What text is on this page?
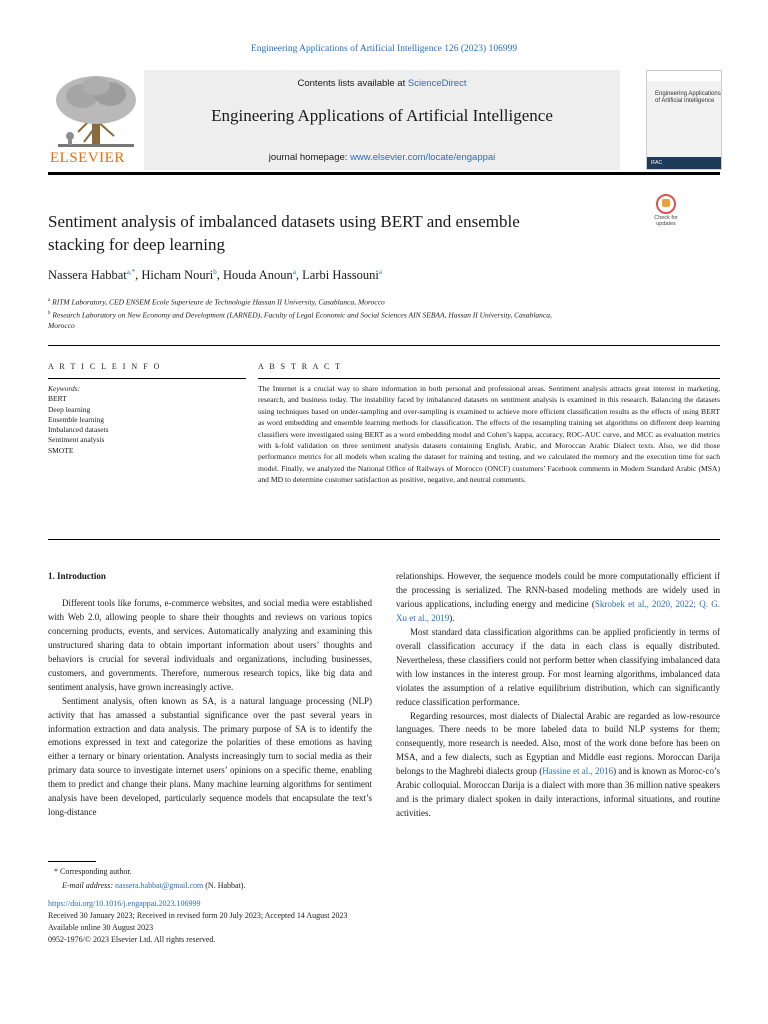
Engineering Applications of Artificial Intelligence 126 (2023) 106999
ELSEVIER
Contents lists available at ScienceDirect
Engineering Applications of Artificial Intelligence
journal homepage: www.elsevier.com/locate/engappai
Engineering Applications of Artificial Intelligence
IFAC
Sentiment analysis of imbalanced datasets using BERT and ensemble
stacking for deep learning
Check for
updates
Nassera Habbat$^{a,*}$, Hicham Nouri$^b$, Houda Anoun$^a$, Larbi Hassouni$^a$
$^a$ RITM Laboratory, CED ENSEM Ecole Superieure de Technologie Hassan II University, Casablanca, Morocco
$^b$ Research Laboratory on New Economy and Development (LARNED), Faculty of Legal Economic and Social Sciences AIN SEBAA, Hassan II University, Casablanca,
Morocco
A R T I C L E I N F O	A B S T R A C T
Keywords:
BERT
Deep learning
Ensemble learning
Imbalanced datasets
Sentiment analysis
SMOTE
The Internet is a crucial way to share information in both personal and professional areas. Sentiment analysis attracts great interest in marketing, research, and business today. The instability faced by imbalanced datasets on sentiment analysis is examined in this research. Balancing the datasets using techniques based on under-sampling and over-sampling is examined to achieve more efficient classification results as the effects of using BERT as word embedding and ensemble learning methods for classification. The effects of the resampling training set algorithms on different deep learning classifiers were investigated using BERT as a word embedding model and Cohen’s kappa, accuracy, ROC-AUC curve, and MCC as evaluation metrics with k-fold validation on three sentiment analysis datasets containing English, Arabic, and Moroccan Arabic Dialect texts. Also, we did those performance metrics for all models when scaling the dataset for training and testing, and we calculated the memory and the execution time for each model. Finally, we analyzed the National Office of Railways of Morocco (ONCF) customers’ Facebook comments in Modern Standard Arabic (MSA) and MD to determine customer satisfaction as positive, negative, and neutral comments.

1. Introduction

Different tools like forums, e-commerce websites, and social media were established with Web 2.0, allowing people to share their thoughts and reviews on various topics concerning products, events, and services. Automatically analyzing and examining this unstructured sharing data to obtain important information about users’ thoughts and behaviors is crucial for several individuals and organizations, including businesses, customers, and governments. Therefore, numerous research topics, like big data and sentiment analysis, have grown increasingly active.

Sentiment analysis, often known as SA, is a natural language processing (NLP) activity that has amassed a substantial significance over the past several years in information extraction and data analysis. The primary purpose of SA is to identify the emotions expressed in text and categorize the polarities of these emotions as having either a ternary or binary orientation. Analysts increasingly turn to social media as their primary data source to investigate internet users’ opinions on a specific theme, enabling them to predict and change their plans. Many machine learning algorithms for sentiment analysis have been developed, particularly sequence models that encapsulate the text’s long-distance

relationships. However, the sequence models could be more computationally efficient if the processing is serialized. The RNN-based modeling methods are widely used in various applications, including energy and medicine (Skrobek et al., 2020, 2022; Q. G. Xu et al., 2019).

Most standard data classification algorithms can be applied proficiently in terms of overall classification accuracy if the data in each class is equally distributed. Nevertheless, these classifiers could not perform better when classifying imbalanced data with low instances in the interest group. For most learning algorithms, imbalanced data violates the assumption of a relative equilibrium distribution, which can significantly reduce classification performance.

Regarding resources, most dialects of Dialectal Arabic are regarded as low-resource languages. There needs to be more labeled data to build NLP systems for them; consequently, more research is needed. Also, most of the work done before has been on MSA, and a few dialects, such as Egyptian and Middle east regions. Moroccan Darija belongs to the Maghrebi dialects group (Hassine et al., 2016) and is known as Moroc-co’s Arabic colloquial. Moroccan Darija is a dialect with more than 36 million native speakers and is the primary dialect spoken in daily interactions, informal situations, and routine activities.

* Corresponding author.
E-mail address: nassera.habbat@gmail.com (N. Habbat).
https://doi.org/10.1016/j.engappai.2023.106999
Received 30 January 2023; Received in revised form 20 July 2023; Accepted 14 August 2023
Available online 30 August 2023
0952-1976/© 2023 Elsevier Ltd. All rights reserved.
